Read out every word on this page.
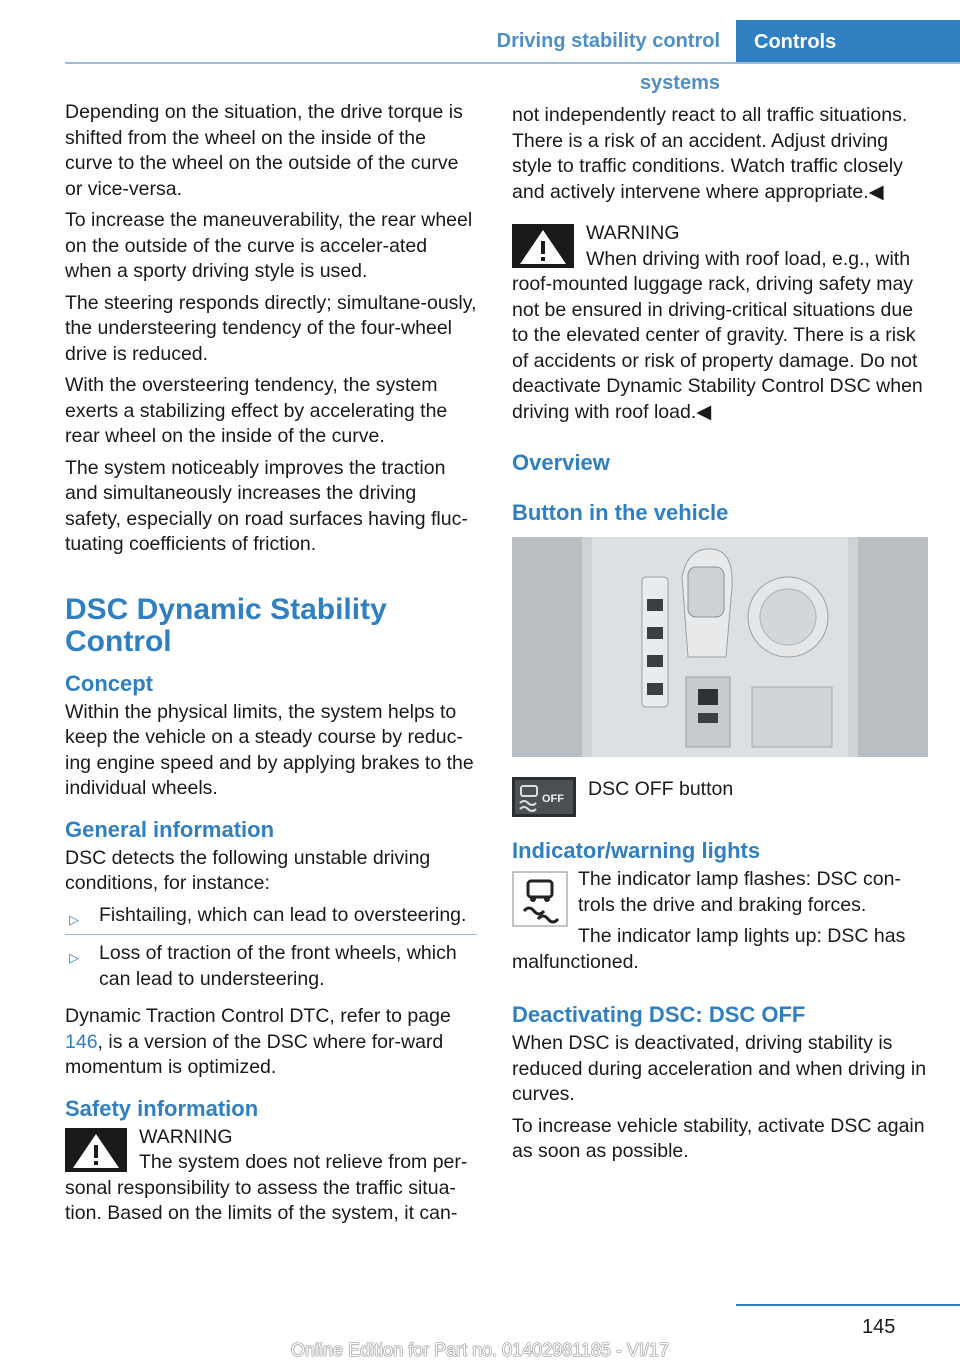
Driving stability control systems
Controls

Depending on the situation, the drive torque is shifted from the wheel on the inside of the curve to the wheel on the outside of the curve or vice-versa.

To increase the maneuverability, the rear wheel on the outside of the curve is acceler-ated when a sporty driving style is used.

The steering responds directly; simultane-ously, the understeering tendency of the four-wheel drive is reduced.

With the oversteering tendency, the system exerts a stabilizing effect by accelerating the rear wheel on the inside of the curve.

The system noticeably improves the traction and simultaneously increases the driving safety, especially on road surfaces having fluc-tuating coefficients of friction.

DSC Dynamic Stability Control
Concept

Within the physical limits, the system helps to keep the vehicle on a steady course by reduc-ing engine speed and by applying brakes to the individual wheels.

General information

DSC detects the following unstable driving conditions, for instance:

▷ Fishtailing, which can lead to oversteering.
▷ Loss of traction of the front wheels, which can lead to understeering.

Dynamic Traction Control DTC, refer to page 146, is a version of the DSC where for-ward momentum is optimized.

Safety information
WARNING
The system does not relieve from per-sonal responsibility to assess the traffic situa-tion. Based on the limits of the system, it can-

not independently react to all traffic situations. There is a risk of an accident. Adjust driving style to traffic conditions. Watch traffic closely and actively intervene where appropriate.◀

WARNING
When driving with roof load, e.g., with roof-mounted luggage rack, driving safety may not be ensured in driving-critical situations due to the elevated center of gravity. There is a risk of accidents or risk of property damage. Do not deactivate Dynamic Stability Control DSC when driving with roof load.◀
Overview
Button in the vehicle
OFF DSC OFF button
Indicator/warning lights

The indicator lamp flashes: DSC con-trols the drive and braking forces.

The indicator lamp lights up: DSC has malfunctioned.

Deactivating DSC: DSC OFF

When DSC is deactivated, driving stability is reduced during acceleration and when driving in curves.

To increase vehicle stability, activate DSC again as soon as possible.

145
Online Edition for Part no. 01402981185 - VI/17
